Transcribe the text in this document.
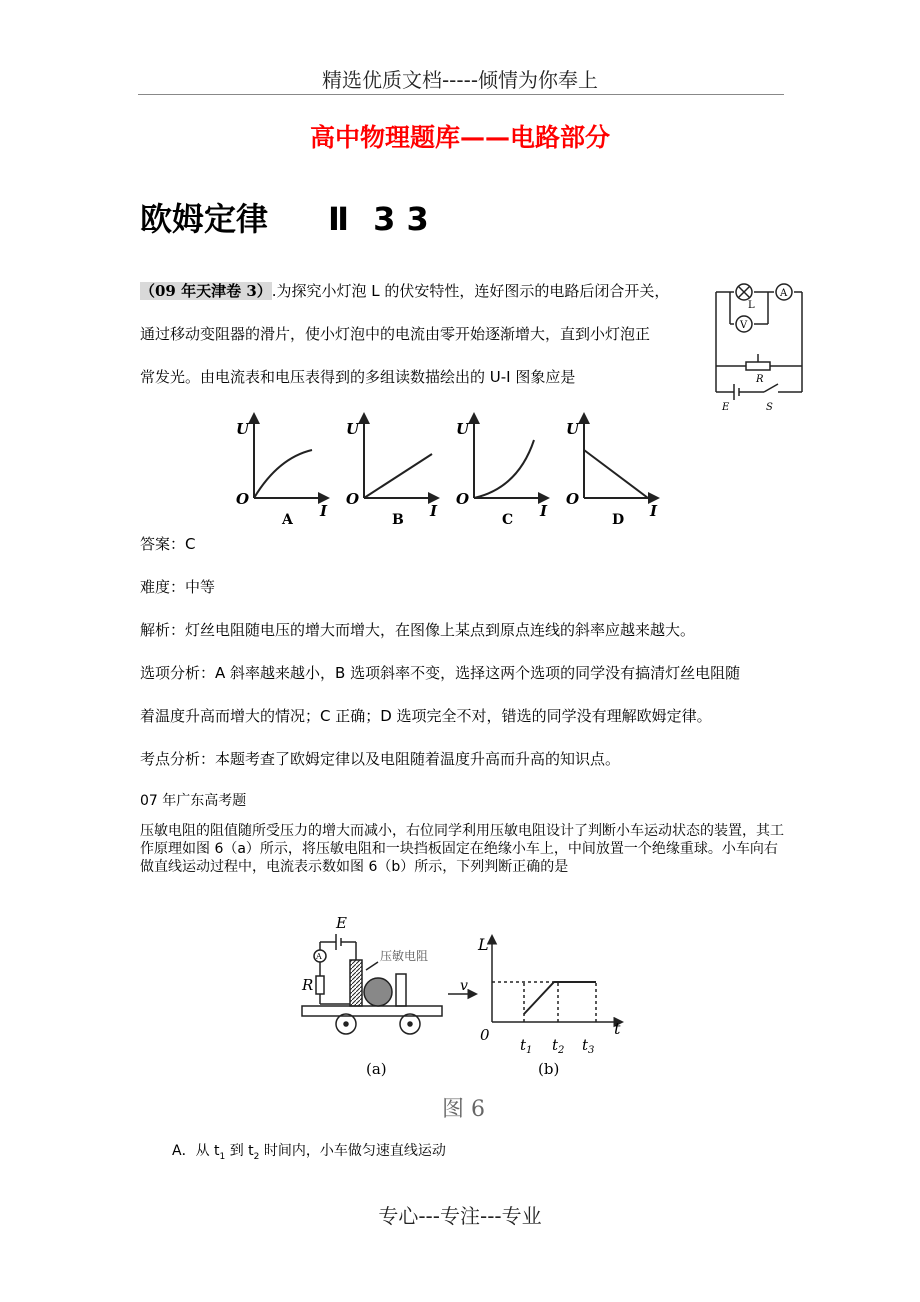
精选优质文档-----倾情为你奉上
高中物理题库——电路部分
欧姆定律 Ⅱ 3 3
（09 年天津卷 3）.为探究小灯泡 L 的伏安特性，连好图示的电路后闭合开关，
通过移动变阻器的滑片，使小灯泡中的电流由零开始逐渐增大，直到小灯泡正
常发光。由电流表和电压表得到的多组读数描绘出的 U-I 图象应是
L
A
V
R
E	S
U
O
I
U
O
I
U
O
I
U
O
I
A	B	C	D
答案：C
难度：中等
解析：灯丝电阻随电压的增大而增大，在图像上某点到原点连线的斜率应越来越大。
选项分析：A 斜率越来越小，B 选项斜率不变，选择这两个选项的同学没有搞清灯丝电阻随
着温度升高而增大的情况；C 正确；D 选项完全不对，错选的同学没有理解欧姆定律。
考点分析：本题考查了欧姆定律以及电阻随着温度升高而升高的知识点。
07 年广东高考题
压敏电阻的阻值随所受压力的增大而减小，右位同学利用压敏电阻设计了判断小车运动状态的装置，其工作原理如图 6（a）所示，将压敏电阻和一块挡板固定在绝缘小车上，中间放置一个绝缘重球。小车向右做直线运动过程中，电流表示数如图 6（b）所示，下列判断正确的是
E
R
A	压敏电阻
v
(a)
L
t
0
$t_1$ $t_2$ $t_3$
(b)
图 6
A．从 $t_1$ 到 $t_2$ 时间内，小车做匀速直线运动
专心---专注---专业
